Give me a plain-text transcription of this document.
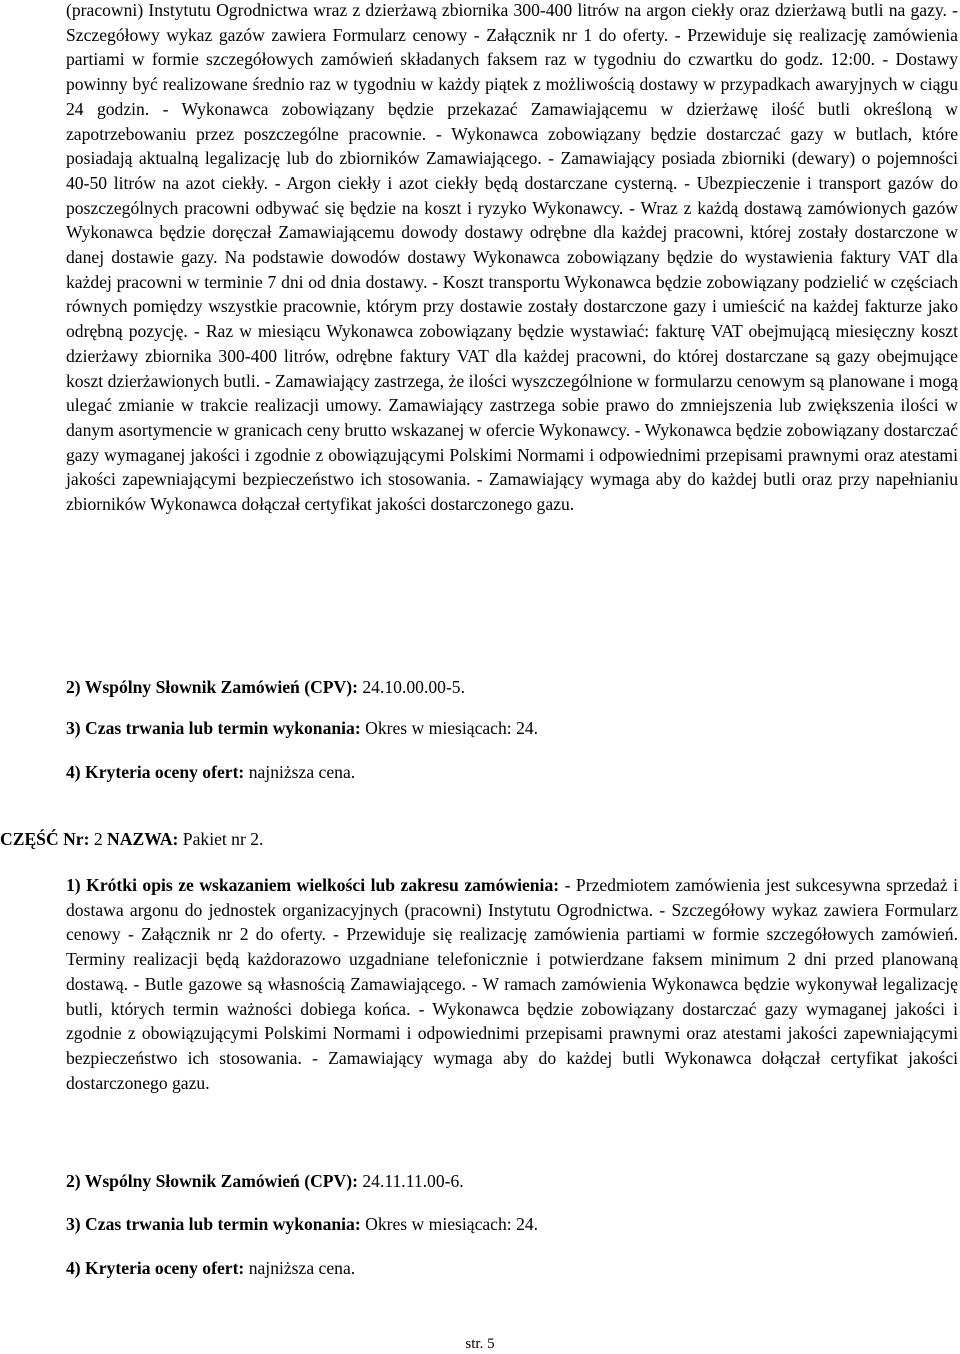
(pracowni) Instytutu Ogrodnictwa wraz z dzierżawą zbiornika 300-400 litrów na argon ciekły oraz dzierżawą butli na gazy. - Szczegółowy wykaz gazów zawiera Formularz cenowy - Załącznik nr 1 do oferty. - Przewiduje się realizację zamówienia partiami w formie szczegółowych zamówień składanych faksem raz w tygodniu do czwartku do godz. 12:00. - Dostawy powinny być realizowane średnio raz w tygodniu w każdy piątek z możliwością dostawy w przypadkach awaryjnych w ciągu 24 godzin. - Wykonawca zobowiązany będzie przekazać Zamawiającemu w dzierżawę ilość butli określoną w zapotrzebowaniu przez poszczególne pracownie. - Wykonawca zobowiązany będzie dostarczać gazy w butlach, które posiadają aktualną legalizację lub do zbiorników Zamawiającego. - Zamawiający posiada zbiorniki (dewary) o pojemności 40-50 litrów na azot ciekły. - Argon ciekły i azot ciekły będą dostarczane cysterną. - Ubezpieczenie i transport gazów do poszczególnych pracowni odbywać się będzie na koszt i ryzyko Wykonawcy. - Wraz z każdą dostawą zamówionych gazów Wykonawca będzie doręczał Zamawiającemu dowody dostawy odrębne dla każdej pracowni, której zostały dostarczone w danej dostawie gazy. Na podstawie dowodów dostawy Wykonawca zobowiązany będzie do wystawienia faktury VAT dla każdej pracowni w terminie 7 dni od dnia dostawy. - Koszt transportu Wykonawca będzie zobowiązany podzielić w częściach równych pomiędzy wszystkie pracownie, którym przy dostawie zostały dostarczone gazy i umieścić na każdej fakturze jako odrębną pozycję. - Raz w miesiącu Wykonawca zobowiązany będzie wystawiać: fakturę VAT obejmującą miesięczny koszt dzierżawy zbiornika 300-400 litrów, odrębne faktury VAT dla każdej pracowni, do której dostarczane są gazy obejmujące koszt dzierżawionych butli. - Zamawiający zastrzega, że ilości wyszczególnione w formularzu cenowym są planowane i mogą ulegać zmianie w trakcie realizacji umowy. Zamawiający zastrzega sobie prawo do zmniejszenia lub zwiększenia ilości w danym asortymencie w granicach ceny brutto wskazanej w ofercie Wykonawcy. - Wykonawca będzie zobowiązany dostarczać gazy wymaganej jakości i zgodnie z obowiązującymi Polskimi Normami i odpowiednimi przepisami prawnymi oraz atestami jakości zapewniającymi bezpieczeństwo ich stosowania. - Zamawiający wymaga aby do każdej butli oraz przy napełnianiu zbiorników Wykonawca dołączał certyfikat jakości dostarczonego gazu.

2) Wspólny Słownik Zamówień (CPV): 24.10.00.00-5.

3) Czas trwania lub termin wykonania: Okres w miesiącach: 24.

4) Kryteria oceny ofert: najniższa cena.

CZĘŚĆ Nr: 2 NAZWA: Pakiet nr 2.

1) Krótki opis ze wskazaniem wielkości lub zakresu zamówienia: - Przedmiotem zamówienia jest sukcesywna sprzedaż i dostawa argonu do jednostek organizacyjnych (pracowni) Instytutu Ogrodnictwa. - Szczegółowy wykaz zawiera Formularz cenowy - Załącznik nr 2 do oferty. - Przewiduje się realizację zamówienia partiami w formie szczegółowych zamówień. Terminy realizacji będą każdorazowo uzgadniane telefonicznie i potwierdzane faksem minimum 2 dni przed planowaną dostawą. - Butle gazowe są własnością Zamawiającego. - W ramach zamówienia Wykonawca będzie wykonywał legalizację butli, których termin ważności dobiega końca. - Wykonawca będzie zobowiązany dostarczać gazy wymaganej jakości i zgodnie z obowiązującymi Polskimi Normami i odpowiednimi przepisami prawnymi oraz atestami jakości zapewniającymi bezpieczeństwo ich stosowania. - Zamawiający wymaga aby do każdej butli Wykonawca dołączał certyfikat jakości dostarczonego gazu.

2) Wspólny Słownik Zamówień (CPV): 24.11.11.00-6.

3) Czas trwania lub termin wykonania: Okres w miesiącach: 24.

4) Kryteria oceny ofert: najniższa cena.

str. 5
